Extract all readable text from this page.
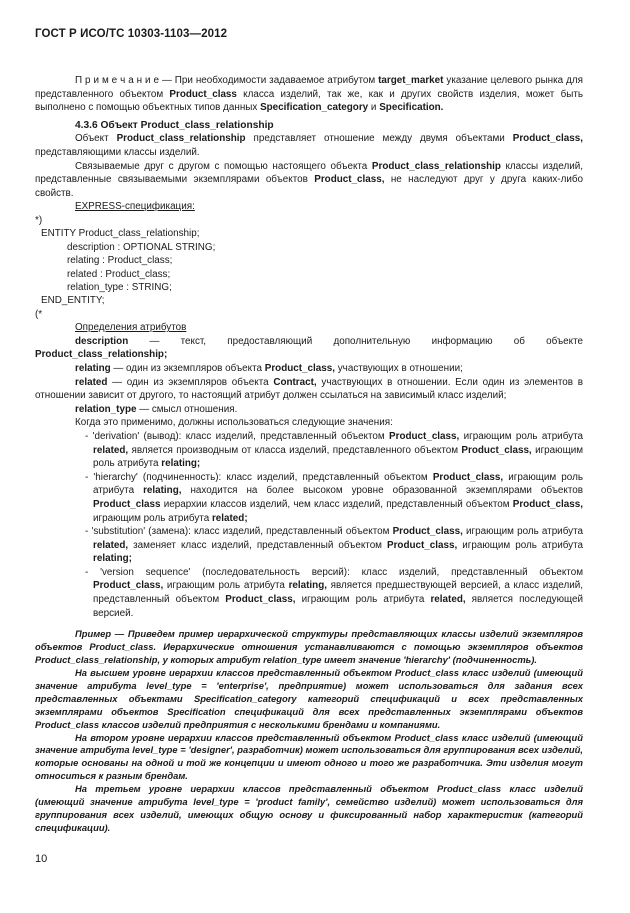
ГОСТ Р ИСО/ТС 10303-1103—2012

П р и м е ч а н и е — При необходимости задаваемое атрибутом target_market указание целевого рынка для представленного объектом Product_class класса изделий, так же, как и других свойств изделия, может быть выполнено с помощью объектных типов данных Specification_category и Specification.

4.3.6 Объект Product_class_relationship

Объект Product_class_relationship представляет отношение между двумя объектами Product_class, представляющими классы изделий.

Связываемые друг с другом с помощью настоящего объекта Product_class_relationship классы изделий, представленные связываемыми экземплярами объектов Product_class, не наследуют друг у друга каких-либо свойств.

EXPRESS-спецификация:

*)
ENTITY Product_class_relationship;
description : OPTIONAL STRING;
relating : Product_class;
related : Product_class;
relation_type : STRING;
END_ENTITY;
(*

Определения атрибутов

description — текст, предоставляющий дополнительную информацию об объекте Product_class_relationship;

relating — один из экземпляров объекта Product_class, участвующих в отношении;

related — один из экземпляров объекта Contract, участвующих в отношении. Если один из элементов в отношении зависит от другого, то настоящий атрибут должен ссылаться на зависимый класс изделий;

relation_type — смысл отношения.

Когда это применимо, должны использоваться следующие значения:

- 'derivation' (вывод): класс изделий, представленный объектом Product_class, играющим роль атрибута related, является производным от класса изделий, представленного объектом Product_class, играющим роль атрибута relating;
- 'hierarchy' (подчиненность): класс изделий, представленный объектом Product_class, играющим роль атрибута relating, находится на более высоком уровне образованной экземплярами объектов Product_class иерархии классов изделий, чем класс изделий, представленный объектом Product_class, играющим роль атрибута related;
- 'substitution' (замена): класс изделий, представленный объектом Product_class, играющим роль атрибута related, заменяет класс изделий, представленный объектом Product_class, играющим роль атрибута relating;
- 'version sequence' (последовательность версий): класс изделий, представленный объектом Product_class, играющим роль атрибута relating, является предшествующей версией, а класс изделий, представленный объектом Product_class, играющим роль атрибута related, является последующей версией.

Пример — Приведем пример иерархической структуры представляющих классы изделий экземпляров объектов Product_class. Иерархические отношения устанавливаются с помощью экземпляров объектов Product_class_relationship, у которых атрибут relation_type имеет значение 'hierarchy' (подчиненность).

На высшем уровне иерархии классов представленный объектом Product_class класс изделий (имеющий значение атрибута level_type = 'enterprise', предприятие) может использоваться для задания всех представленных объектами Specification_category категорий спецификаций и всех представленных экземплярами объектов Specification спецификаций для всех представленных экземплярами объектов Product_class классов изделий предприятия с несколькими брендами и компаниями.

На втором уровне иерархии классов представленный объектом Product_class класс изделий (имеющий значение атрибута level_type = 'designer', разработчик) может использоваться для группирования всех изделий, которые основаны на одной и той же концепции и имеют одного и того же разработчика. Эти изделия могут относиться к разным брендам.

На третьем уровне иерархии классов представленный объектом Product_class класс изделий (имеющий значение атрибута level_type = 'product family', семейство изделий) может использоваться для группирования всех изделий, имеющих общую основу и фиксированный набор характеристик (категорий спецификации).

10
